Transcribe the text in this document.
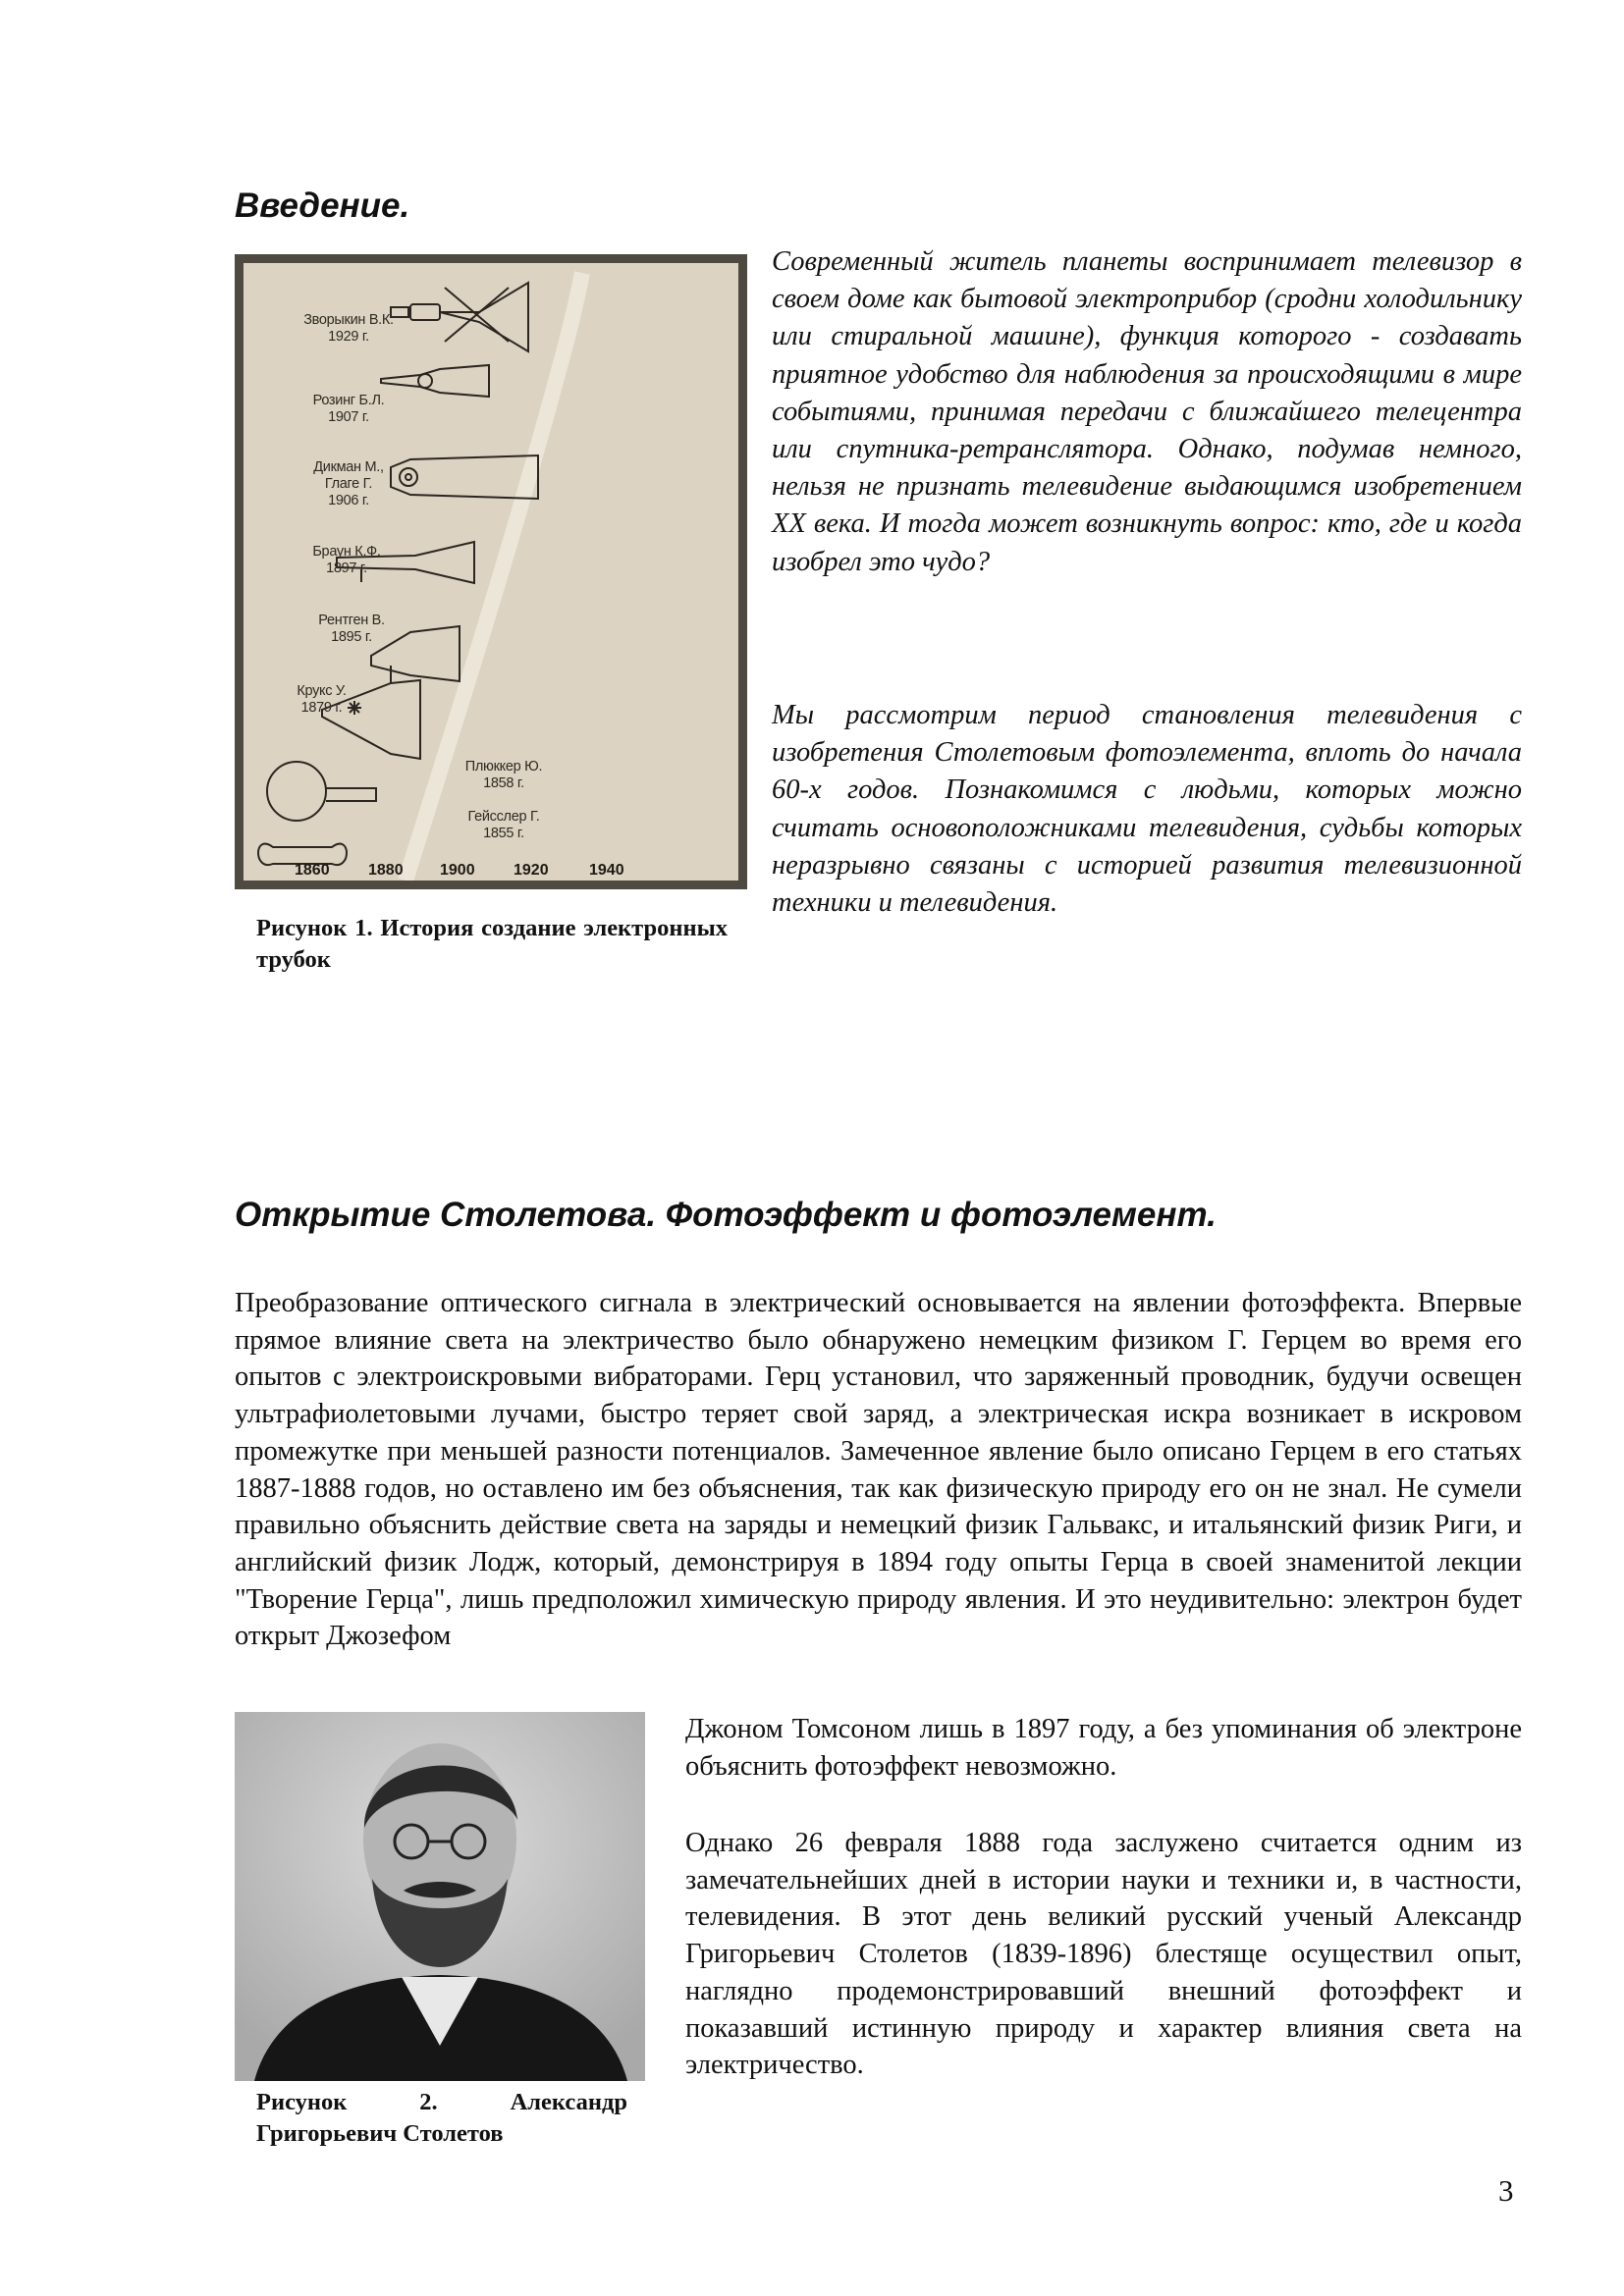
Введение.
Зворыкин В.К.
1929 г.
Розинг Б.Л.
1907 г.
Дикман М., Глаге Г.
1906 г.
Браун К.Ф.
1897 г.
Рентген В.
1895 г.
Крукс У.
1879 г.
Плюккер Ю.
1858 г.
Гейсслер Г.
1855 г.
1860 1880 1900 1920	1940

Рисунок 1. История создание электронных трубок

Современный житель планеты воспринимает телевизор в своем доме как бытовой электроприбор (сродни холодильнику или стиральной машине), функция которого - создавать приятное удобство для наблюдения за происходящими в мире событиями, принимая передачи с ближайшего телецентра или спутника-ретранслятора. Однако, подумав немного, нельзя не признать телевидение выдающимся изобретением XX века. И тогда может возникнуть вопрос: кто, где и когда изобрел это чудо?

Мы рассмотрим период становления телевидения с изобретения Столетовым фотоэлемента, вплоть до начала 60-х годов. Познакомимся с людьми, которых можно считать основоположниками телевидения, судьбы которых неразрывно связаны с историей развития телевизионной техники и телевидения.

Открытие Столетова. Фотоэффект и фотоэлемент.

Преобразование оптического сигнала в электрический основывается на явлении фотоэффекта. Впервые прямое влияние света на электричество было обнаружено немецким физиком Г. Герцем во время его опытов с электроискровыми вибраторами. Герц установил, что заряженный проводник, будучи освещен ультрафиолетовыми лучами, быстро теряет свой заряд, а электрическая искра возникает в искровом промежутке при меньшей разности потенциалов. Замеченное явление было описано Герцем в его статьях 1887-1888 годов, но оставлено им без объяснения, так как физическую природу его он не знал. Не сумели правильно объяснить действие света на заряды и немецкий физик Гальвакс, и итальянский физик Риги, и английский физик Лодж, который, демонстрируя в 1894 году опыты Герца в своей знаменитой лекции "Творение Герца", лишь предположил химическую природу явления. И это неудивительно: электрон будет открыт Джозефом

Рисунок 2. Александр Григорьевич Столетов

Джоном Томсоном лишь в 1897 году, а без упоминания об электроне объяснить фотоэффект невозможно.

Однако 26 февраля 1888 года заслужено считается одним из замечательнейших дней в истории науки и техники и, в частности, телевидения. В этот день великий русский ученый Александр Григорьевич Столетов (1839-1896) блестяще осуществил опыт, наглядно продемонстрировавший внешний фотоэффект и показавший истинную природу и характер влияния света на электричество.

3
